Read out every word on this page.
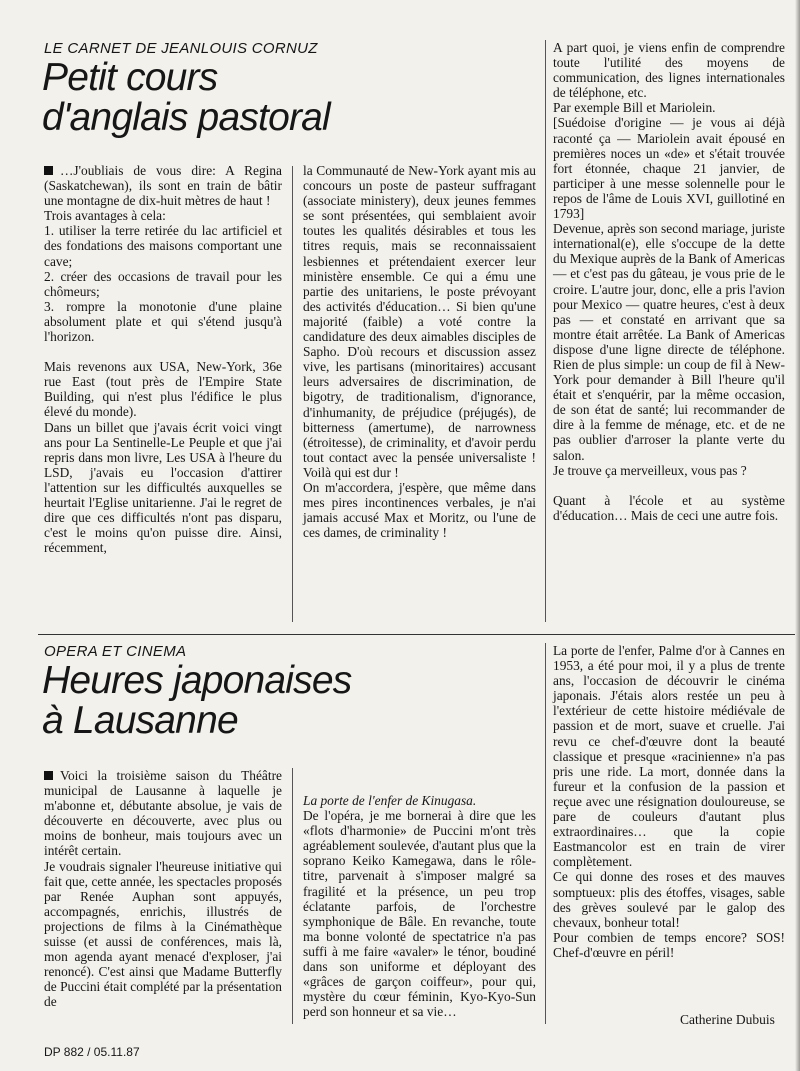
LE CARNET DE JEANLOUIS CORNUZ
Petit cours
d'anglais pastoral

…J'oubliais de vous dire: A Regina (Saskatchewan), ils sont en train de bâtir une montagne de dix-huit mètres de haut !

Trois avantages à cela:

1. utiliser la terre retirée du lac artificiel et des fondations des maisons comportant une cave;

2. créer des occasions de travail pour les chômeurs;

3. rompre la monotonie d'une plaine absolument plate et qui s'étend jusqu'à l'horizon.

Mais revenons aux USA, New-York, 36e rue East (tout près de l'Empire State Building, qui n'est plus l'édifice le plus élevé du monde).

Dans un billet que j'avais écrit voici vingt ans pour La Sentinelle-Le Peuple et que j'ai repris dans mon livre, Les USA à l'heure du LSD, j'avais eu l'occasion d'attirer l'attention sur les difficultés auxquelles se heurtait l'Eglise unitarienne. J'ai le regret de dire que ces difficultés n'ont pas disparu, c'est le moins qu'on puisse dire. Ainsi, récemment,

la Communauté de New-York ayant mis au concours un poste de pasteur suffragant (associate ministery), deux jeunes femmes se sont présentées, qui semblaient avoir toutes les qualités désirables et tous les titres requis, mais se reconnaissaient lesbiennes et prétendaient exercer leur ministère ensemble. Ce qui a ému une partie des unitariens, le poste prévoyant des activités d'éducation… Si bien qu'une majorité (faible) a voté contre la candidature des deux aimables disciples de Sapho. D'où recours et discussion assez vive, les partisans (minoritaires) accusant leurs adversaires de discrimination, de bigotry, de traditionalism, d'ignorance, d'inhumanity, de préjudice (préjugés), de bitterness (amertume), de narrowness (étroitesse), de criminality, et d'avoir perdu tout contact avec la pensée universaliste ! Voilà qui est dur !

On m'accordera, j'espère, que même dans mes pires incontinences verbales, je n'ai jamais accusé Max et Moritz, ou l'une de ces dames, de criminality !

A part quoi, je viens enfin de comprendre toute l'utilité des moyens de communication, des lignes internationales de téléphone, etc.

Par exemple Bill et Mariolein.

[Suédoise d'origine — je vous ai déjà raconté ça — Mariolein avait épousé en premières noces un «de» et s'était trouvée fort étonnée, chaque 21 janvier, de participer à une messe solennelle pour le repos de l'âme de Louis XVI, guillotiné en 1793]

Devenue, après son second mariage, juriste international(e), elle s'occupe de la dette du Mexique auprès de la Bank of Americas — et c'est pas du gâteau, je vous prie de le croire. L'autre jour, donc, elle a pris l'avion pour Mexico — quatre heures, c'est à deux pas — et constaté en arrivant que sa montre était arrêtée. La Bank of Americas dispose d'une ligne directe de téléphone. Rien de plus simple: un coup de fil à New-York pour demander à Bill l'heure qu'il était et s'enquérir, par la même occasion, de son état de santé; lui recommander de dire à la femme de ménage, etc. et de ne pas oublier d'arroser la plante verte du salon.

Je trouve ça merveilleux, vous pas ?

Quant à l'école et au système d'éducation… Mais de ceci une autre fois.

OPERA ET CINEMA
Heures japonaises
à Lausanne

Voici la troisième saison du Théâtre municipal de Lausanne à laquelle je m'abonne et, débutante absolue, je vais de découverte en découverte, avec plus ou moins de bonheur, mais toujours avec un intérêt certain.

Je voudrais signaler l'heureuse initiative qui fait que, cette année, les spectacles proposés par Renée Auphan sont appuyés, accompagnés, enrichis, illustrés de projections de films à la Cinémathèque suisse (et aussi de conférences, mais là, mon agenda ayant menacé d'exploser, j'ai renoncé). C'est ainsi que Madame Butterfly de Puccini était complété par la présentation de

La porte de l'enfer de Kinugasa.

De l'opéra, je me bornerai à dire que les «flots d'harmonie» de Puccini m'ont très agréablement soulevée, d'autant plus que la soprano Keiko Kamegawa, dans le rôle-titre, parvenait à s'imposer malgré sa fragilité et la présence, un peu trop éclatante parfois, de l'orchestre symphonique de Bâle. En revanche, toute ma bonne volonté de spectatrice n'a pas suffi à me faire «avaler» le ténor, boudiné dans son uniforme et déployant des «grâces de garçon coiffeur», pour qui, mystère du cœur féminin, Kyo-Kyo-Sun perd son honneur et sa vie…

La porte de l'enfer, Palme d'or à Cannes en 1953, a été pour moi, il y a plus de trente ans, l'occasion de découvrir le cinéma japonais. J'étais alors restée un peu à l'extérieur de cette histoire médiévale de passion et de mort, suave et cruelle. J'ai revu ce chef-d'œuvre dont la beauté classique et presque «racinienne» n'a pas pris une ride. La mort, donnée dans la fureur et la confusion de la passion et reçue avec une résignation douloureuse, se pare de couleurs d'autant plus extraordinaires… que la copie Eastmancolor est en train de virer complètement.

Ce qui donne des roses et des mauves somptueux: plis des étoffes, visages, sable des grèves soulevé par le galop des chevaux, bonheur total!

Pour combien de temps encore? SOS! Chef-d'œuvre en péril!

Catherine Dubuis
DP 882 / 05.11.87
